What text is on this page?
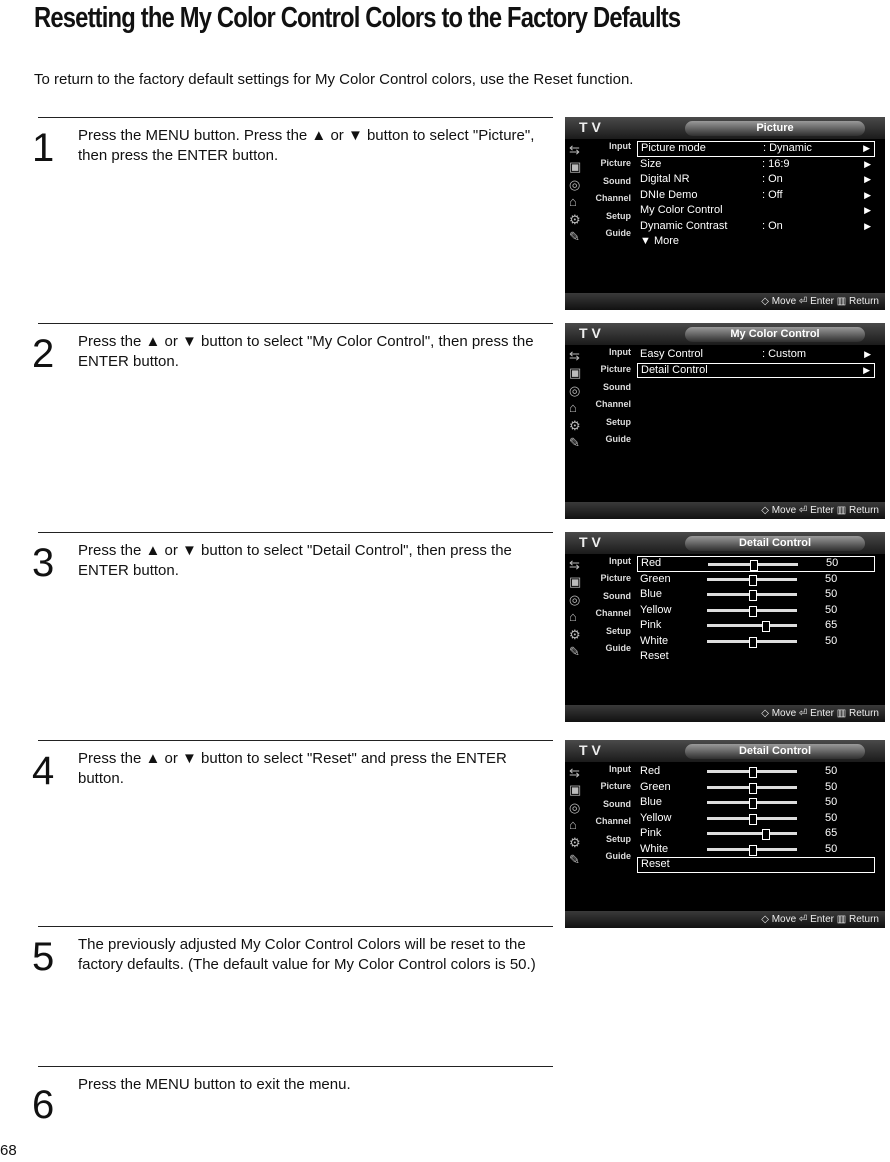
Resetting the My Color Control Colors to the Factory Defaults
To return to the factory default settings for My Color Control colors, use the Reset function.
1 Press the MENU button. Press the ▲ or ▼ button to select "Picture", then press the ENTER button.
2 Press the ▲ or ▼ button to select "My Color Control", then press the ENTER button.
3 Press the ▲ or ▼ button to select "Detail Control", then press the ENTER button.
4 Press the ▲ or ▼ button to select "Reset" and press the ENTER button.
5 The previously adjusted My Color Control Colors will be reset to the factory defaults. (The default value for My Color Control colors is 50.)
6 Press the MENU button to exit the menu.
T V	Picture
⇆	Input
▣ Picture
◎	Sound
⌂ Channel
⚙	Setup
✎	Guide
Picture mode	: Dynamic	▶
Size	: 16:9	▶
Digital NR	: On	▶
DNIe Demo	: Off	▶
My Color Control	▶
Dynamic Contrast	: On	▶
▼ More
◇ Move ⏎ Enter ▥ Return
T V	My Color Control
⇆	Input
▣ Picture
◎	Sound
⌂ Channel
⚙	Setup
✎	Guide
Easy Control	: Custom	▶
Detail Control	▶
◇ Move ⏎ Enter ▥ Return
T V	Detail Control
⇆	Input
▣ Picture
◎	Sound
⌂ Channel
⚙	Setup
✎	Guide
Red	50
Green	50
Blue	50
Yellow	50
Pink	65
White	50
Reset
◇ Move ⏎ Enter ▥ Return
T V	Detail Control
⇆	Input
▣ Picture
◎	Sound
⌂ Channel
⚙	Setup
✎	Guide
Red	50
Green	50
Blue	50
Yellow	50
Pink	65
White	50
Reset
◇ Move ⏎ Enter ▥ Return
68
